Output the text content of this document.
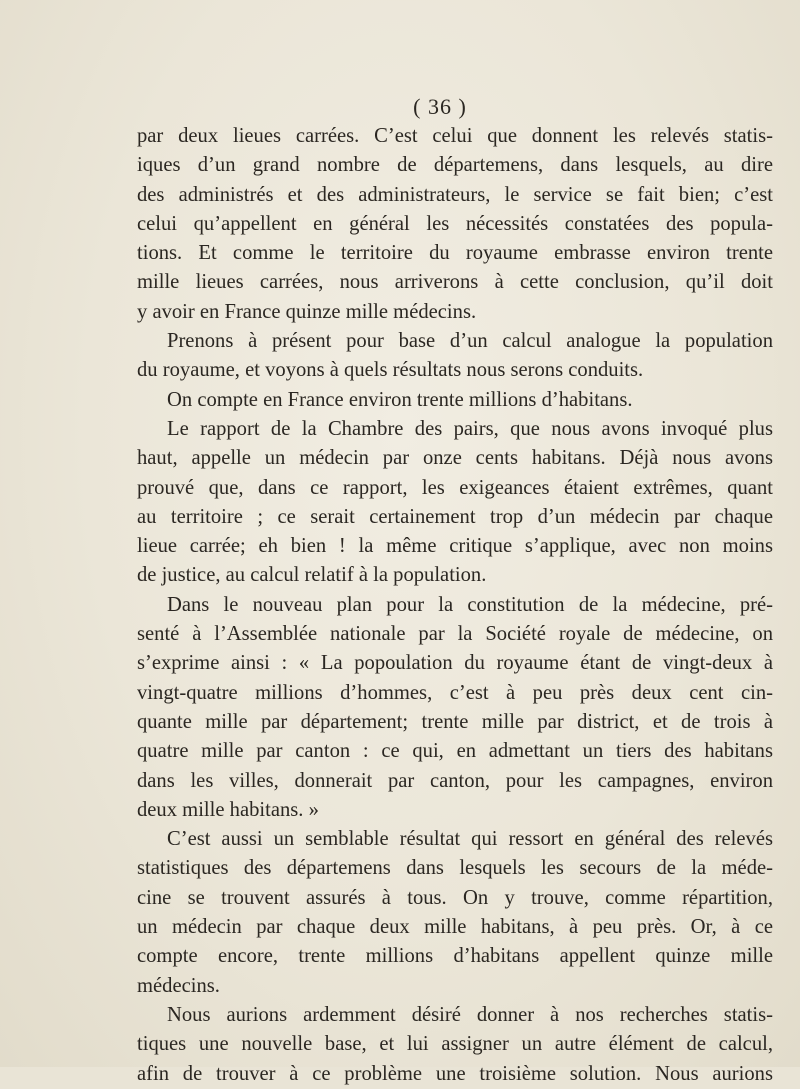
( 36 )
par deux lieues carrées. C’est celui que donnent les relevés statis-
iques d’un grand nombre de départemens, dans lesquels, au dire
des administrés et des administrateurs, le service se fait bien; c’est
celui qu’appellent en général les nécessités constatées des popula-
tions. Et comme le territoire du royaume embrasse environ trente
mille lieues carrées, nous arriverons à cette conclusion, qu’il doit
y avoir en France quinze mille médecins.
Prenons à présent pour base d’un calcul analogue la population
du royaume, et voyons à quels résultats nous serons conduits.
On compte en France environ trente millions d’habitans.
Le rapport de la Chambre des pairs, que nous avons invoqué plus
haut, appelle un médecin par onze cents habitans. Déjà nous avons
prouvé que, dans ce rapport, les exigeances étaient extrêmes, quant
au territoire ; ce serait certainement trop d’un médecin par chaque
lieue carrée; eh bien ! la même critique s’applique, avec non moins
de justice, au calcul relatif à la population.
Dans le nouveau plan pour la constitution de la médecine, pré-
senté à l’Assemblée nationale par la Société royale de médecine, on
s’exprime ainsi : « La popoulation du royaume étant de vingt-deux à
vingt-quatre millions d’hommes, c’est à peu près deux cent cin-
quante mille par département; trente mille par district, et de trois à
quatre mille par canton : ce qui, en admettant un tiers des habitans
dans les villes, donnerait par canton, pour les campagnes, environ
deux mille habitans. »
C’est aussi un semblable résultat qui ressort en général des relevés
statistiques des départemens dans lesquels les secours de la méde-
cine se trouvent assurés à tous. On y trouve, comme répartition,
un médecin par chaque deux mille habitans, à peu près. Or, à ce
compte encore, trente millions d’habitans appellent quinze mille
médecins.
Nous aurions ardemment désiré donner à nos recherches statis-
tiques une nouvelle base, et lui assigner un autre élément de calcul,
afin de trouver à ce problème une troisième solution. Nous aurions
